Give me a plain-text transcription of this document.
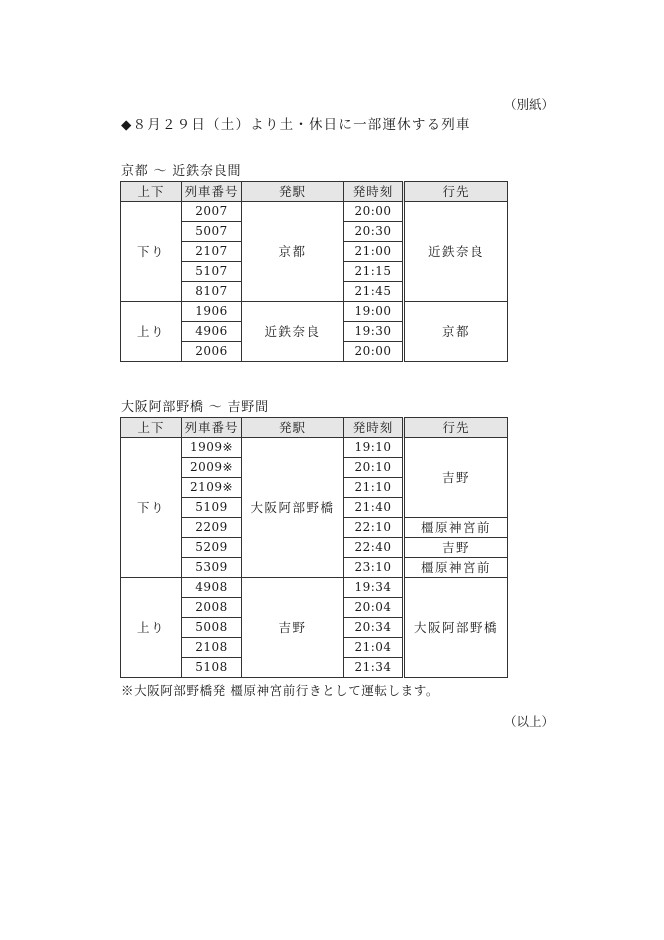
（別紙）
◆８月２９日（土）より土・休日に一部運休する列車
京都 〜 近鉄奈良間
上下	列車番号	発駅	発時刻	行先
下り	2007	京都	20:00	近鉄奈良
	5007		20:30	
	2107		21:00	
	5107		21:15	
	8107		21:45	
上り	1906	近鉄奈良	19:00	京都
	4906		19:30	
	2006		20:00	
大阪阿部野橋 〜 吉野間
上下	列車番号	発駅	発時刻	行先
下り	1909※	大阪阿部野橋	19:10	吉野
	2009※		20:10	
	2109※		21:10	
	5109		21:40	
	2209		22:10	橿原神宮前
	5209		22:40	吉野
	5309		23:10	橿原神宮前
上り	4908	吉野	19:34	大阪阿部野橋
	2008		20:04	
	5008		20:34	
	2108		21:04	
	5108		21:34	
※大阪阿部野橋発 橿原神宮前行きとして運転します。
（以上）
